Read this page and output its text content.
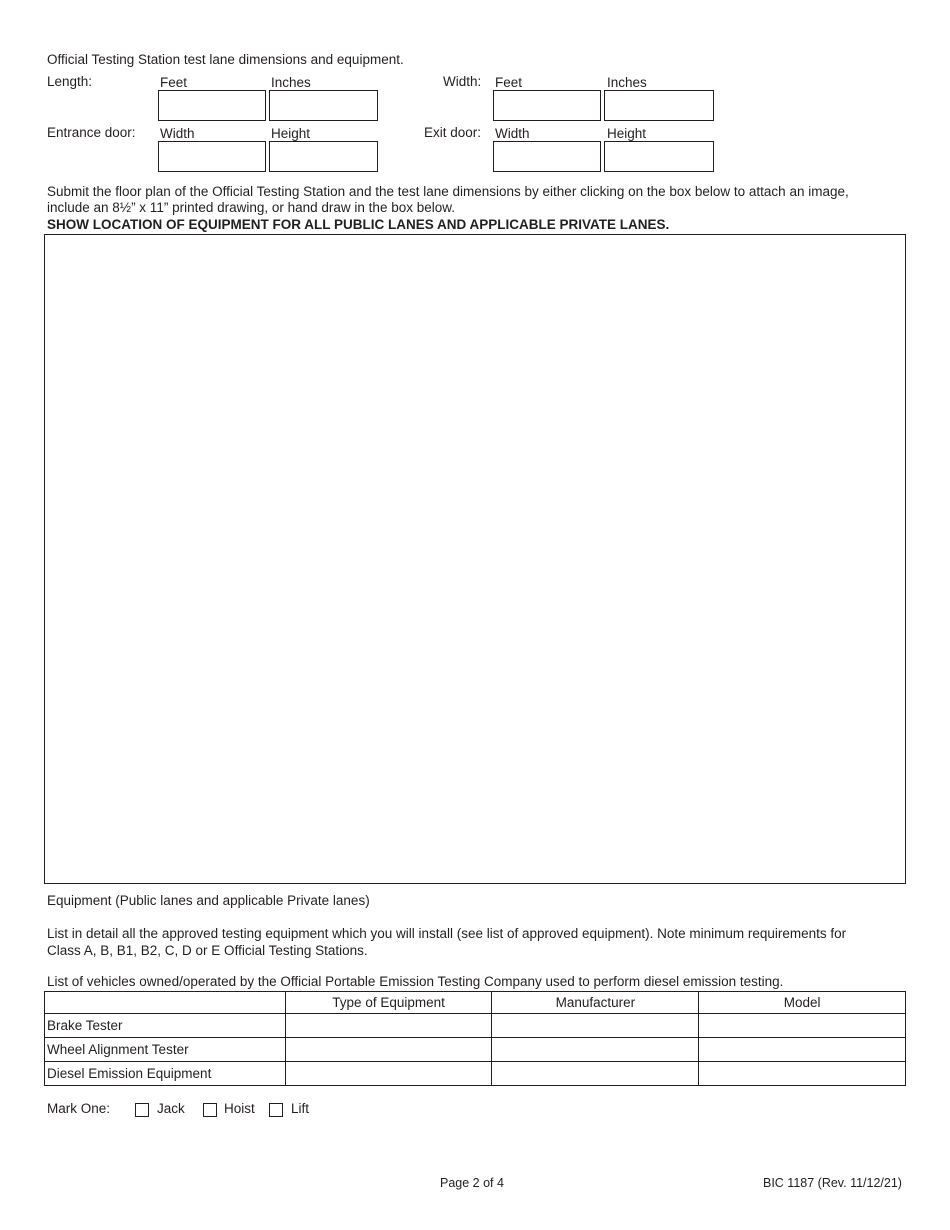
Official Testing Station test lane dimensions and equipment.
Length:	Feet	Inches	Width: Feet	Inches
Entrance door: Width	Height	Exit door: Width	Height
Submit the floor plan of the Official Testing Station and the test lane dimensions by either clicking on the box below to attach an image,
include an 8½” x 11” printed drawing, or hand draw in the box below.
SHOW LOCATION OF EQUIPMENT FOR ALL PUBLIC LANES AND APPLICABLE PRIVATE LANES.
Equipment (Public lanes and applicable Private lanes)
List in detail all the approved testing equipment which you will install (see list of approved equipment). Note minimum requirements for
Class A, B, B1, B2, C, D or E Official Testing Stations.
List of vehicles owned/operated by the Official Portable Emission Testing Company used to perform diesel emission testing.
	Type of Equipment	Manufacturer	Model
Brake Tester			
Wheel Alignment Tester			
Diesel Emission Equipment			
Mark One:	Jack	Hoist	Lift
Page 2 of 4	BIC 1187 (Rev. 11/12/21)
